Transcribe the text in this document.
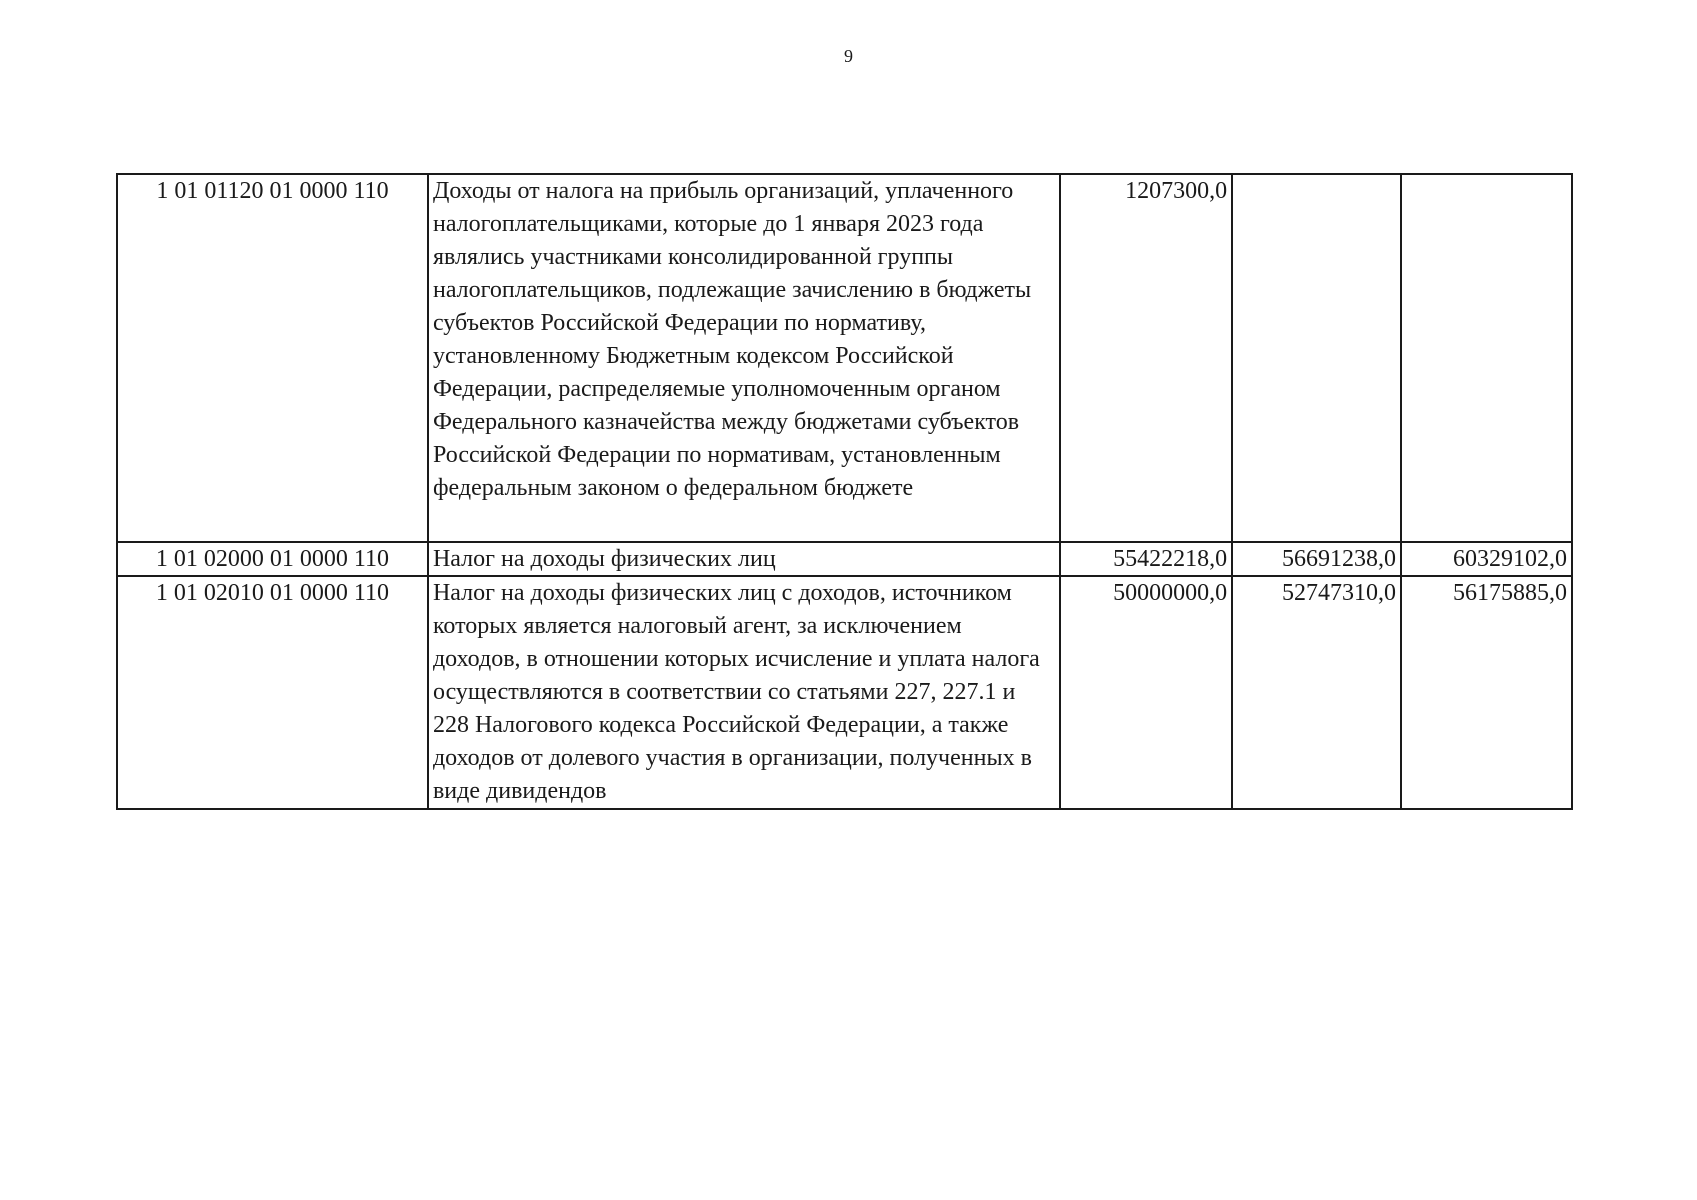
9
1 01 01120 01 0000 110	Доходы от налога на прибыль организаций, уплаченного налогоплательщиками, которые до 1 января 2023 года являлись участниками консолидированной группы налогоплательщиков, подлежащие зачислению в бюджеты субъектов Российской Федерации по нормативу, установленному Бюджетным кодексом Российской Федерации, распределяемые уполномоченным органом Федерального казначейства между бюджетами субъектов Российской Федерации по нормативам, установленным федеральным законом о федеральном бюджете	1207300,0		
1 01 02000 01 0000 110	Налог на доходы физических лиц	55422218,0	56691238,0	60329102,0
1 01 02010 01 0000 110	Налог на доходы физических лиц с доходов, источником которых является налоговый агент, за исключением доходов, в отношении которых исчисление и уплата налога осуществляются в соответствии со статьями 227, 227.1 и 228 Налогового кодекса Российской Федерации, а также доходов от долевого участия в организации, полученных в виде дивидендов	50000000,0	52747310,0	56175885,0
